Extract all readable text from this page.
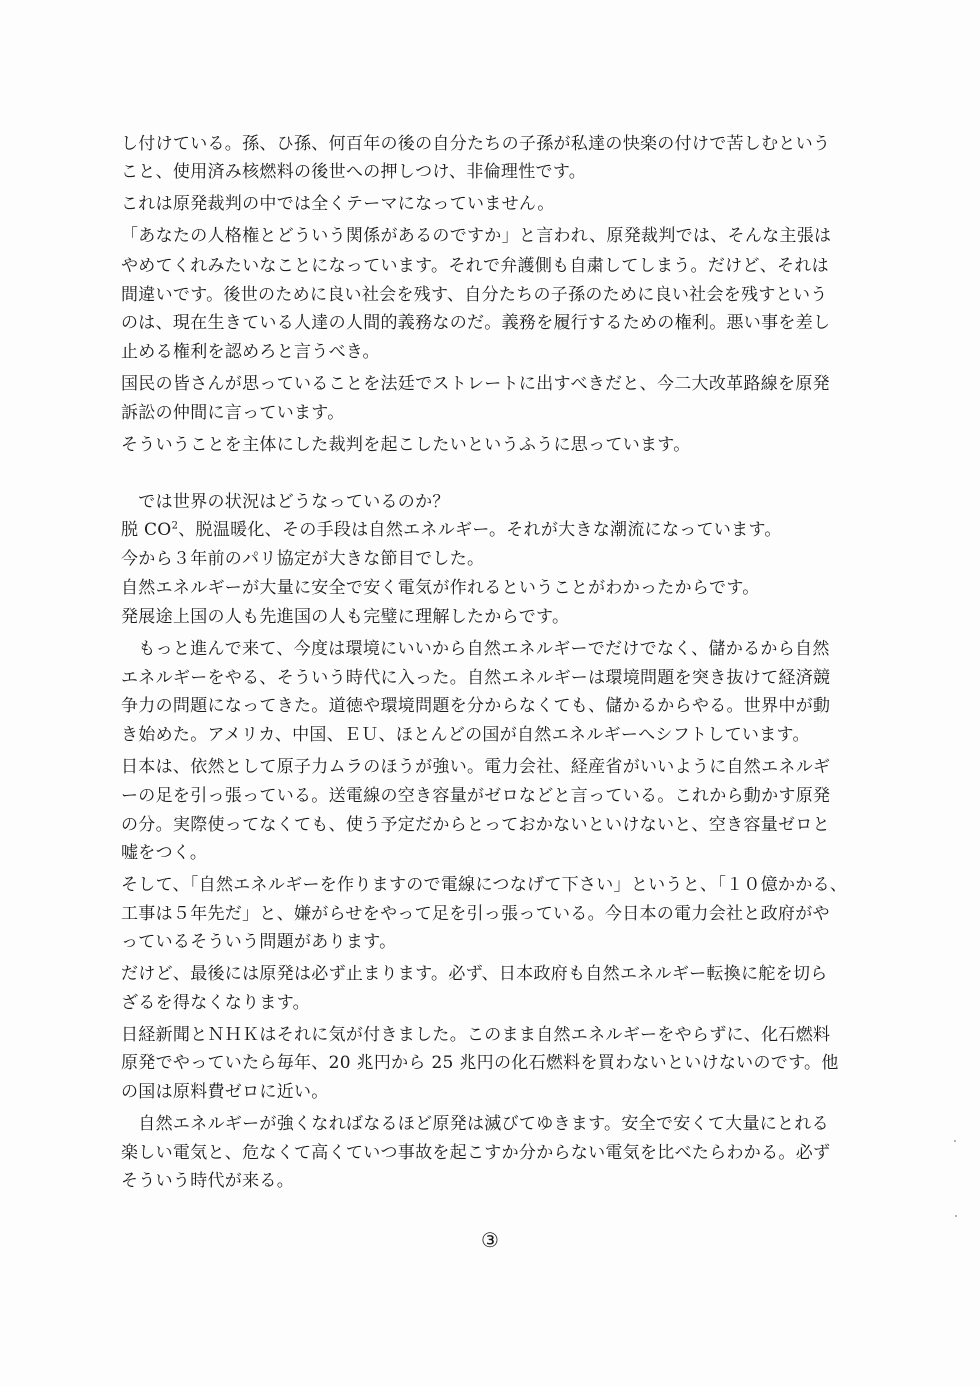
し付けている。孫、ひ孫、何百年の後の自分たちの子孫が私達の快楽の付けで苦しむという
こと、使用済み核燃料の後世への押しつけ、非倫理性です。
これは原発裁判の中では全くテーマになっていません。
「あなたの人格権とどういう関係があるのですか」と言われ、原発裁判では、そんな主張は
やめてくれみたいなことになっています。それで弁護側も自粛してしまう。だけど、それは
間違いです。後世のために良い社会を残す、自分たちの子孫のために良い社会を残すという
のは、現在生きている人達の人間的義務なのだ。義務を履行するための権利。悪い事を差し
止める権利を認めろと言うべき。
国民の皆さんが思っていることを法廷でストレートに出すべきだと、今二大改革路線を原発
訴訟の仲間に言っています。
そういうことを主体にした裁判を起こしたいというふうに思っています。
　では世界の状況はどうなっているのか？
脱 $CO^2$、脱温暖化、その手段は自然エネルギー。それが大きな潮流になっています。
今から３年前のパリ協定が大きな節目でした。
自然エネルギーが大量に安全で安く電気が作れるということがわかったからです。
発展途上国の人も先進国の人も完璧に理解したからです。
　もっと進んで来て、今度は環境にいいから自然エネルギーでだけでなく、儲かるから自然
エネルギーをやる、そういう時代に入った。自然エネルギーは環境問題を突き抜けて経済競
争力の問題になってきた。道徳や環境問題を分からなくても、儲かるからやる。世界中が動
き始めた。アメリカ、中国、ＥＵ、ほとんどの国が自然エネルギーへシフトしています。
日本は、依然として原子力ムラのほうが強い。電力会社、経産省がいいように自然エネルギ
ーの足を引っ張っている。送電線の空き容量がゼロなどと言っている。これから動かす原発
の分。実際使ってなくても、使う予定だからとっておかないといけないと、空き容量ゼロと
嘘をつく。
そして、「自然エネルギーを作りますので電線につなげて下さい」というと、「１０億かかる、
工事は５年先だ」と、嫌がらせをやって足を引っ張っている。今日本の電力会社と政府がや
っているそういう問題があります。
だけど、最後には原発は必ず止まります。必ず、日本政府も自然エネルギー転換に舵を切ら
ざるを得なくなります。
日経新聞とＮＨＫはそれに気が付きました。このまま自然エネルギーをやらずに、化石燃料
原発でやっていたら毎年、20 兆円から 25 兆円の化石燃料を買わないといけないのです。他
の国は原料費ゼロに近い。
　自然エネルギーが強くなればなるほど原発は滅びてゆきます。安全で安くて大量にとれる
楽しい電気と、危なくて高くていつ事故を起こすか分からない電気を比べたらわかる。必ず
そういう時代が来る。
③
